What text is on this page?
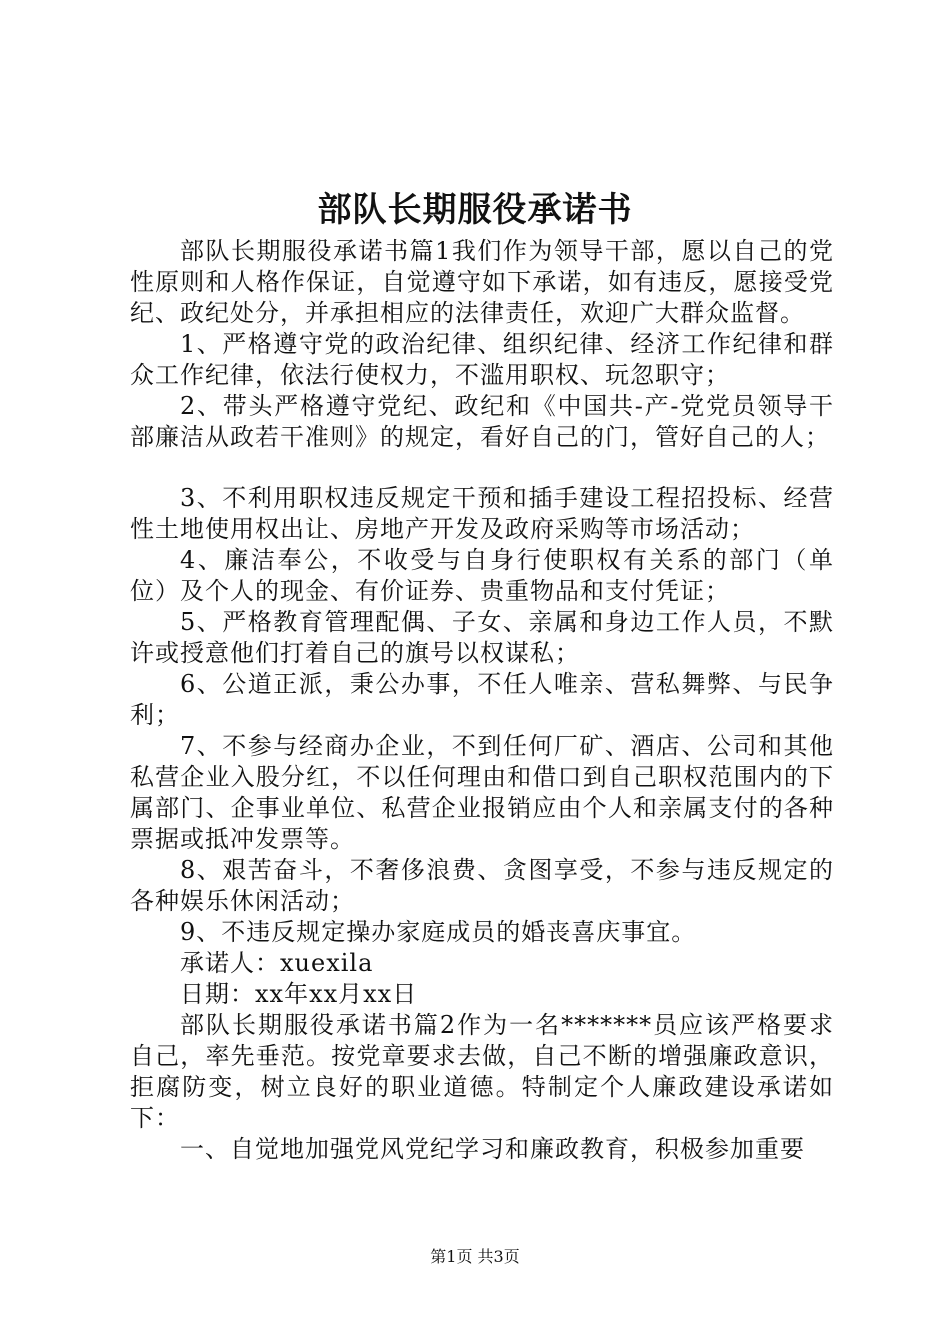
部队长期服役承诺书

部队长期服役承诺书篇1我们作为领导干部，愿以自己的党性原则和人格作保证，自觉遵守如下承诺，如有违反，愿接受党纪、政纪处分，并承担相应的法律责任，欢迎广大群众监督。

1、严格遵守党的政治纪律、组织纪律、经济工作纪律和群众工作纪律，依法行使权力，不滥用职权、玩忽职守；

2、带头严格遵守党纪、政纪和《中国共-产-党党员领导干部廉洁从政若干准则》的规定，看好自己的门，管好自己的人；

3、不利用职权违反规定干预和插手建设工程招投标、经营性土地使用权出让、房地产开发及政府采购等市场活动；

4、廉洁奉公，不收受与自身行使职权有关系的部门（单位）及个人的现金、有价证券、贵重物品和支付凭证；

5、严格教育管理配偶、子女、亲属和身边工作人员，不默许或授意他们打着自己的旗号以权谋私；

6、公道正派，秉公办事，不任人唯亲、营私舞弊、与民争利；

7、不参与经商办企业，不到任何厂矿、酒店、公司和其他私营企业入股分红，不以任何理由和借口到自己职权范围内的下属部门、企事业单位、私营企业报销应由个人和亲属支付的各种票据或抵冲发票等。

8、艰苦奋斗，不奢侈浪费、贪图享受，不参与违反规定的各种娱乐休闲活动；

9、不违反规定操办家庭成员的婚丧喜庆事宜。

承诺人：xuexila

日期：xx年xx月xx日

部队长期服役承诺书篇2作为一名*******员应该严格要求自己，率先垂范。按党章要求去做，自己不断的增强廉政意识，拒腐防变，树立良好的职业道德。特制定个人廉政建设承诺如下：

一、自觉地加强党风党纪学习和廉政教育，积极参加重要

第1页 共3页
